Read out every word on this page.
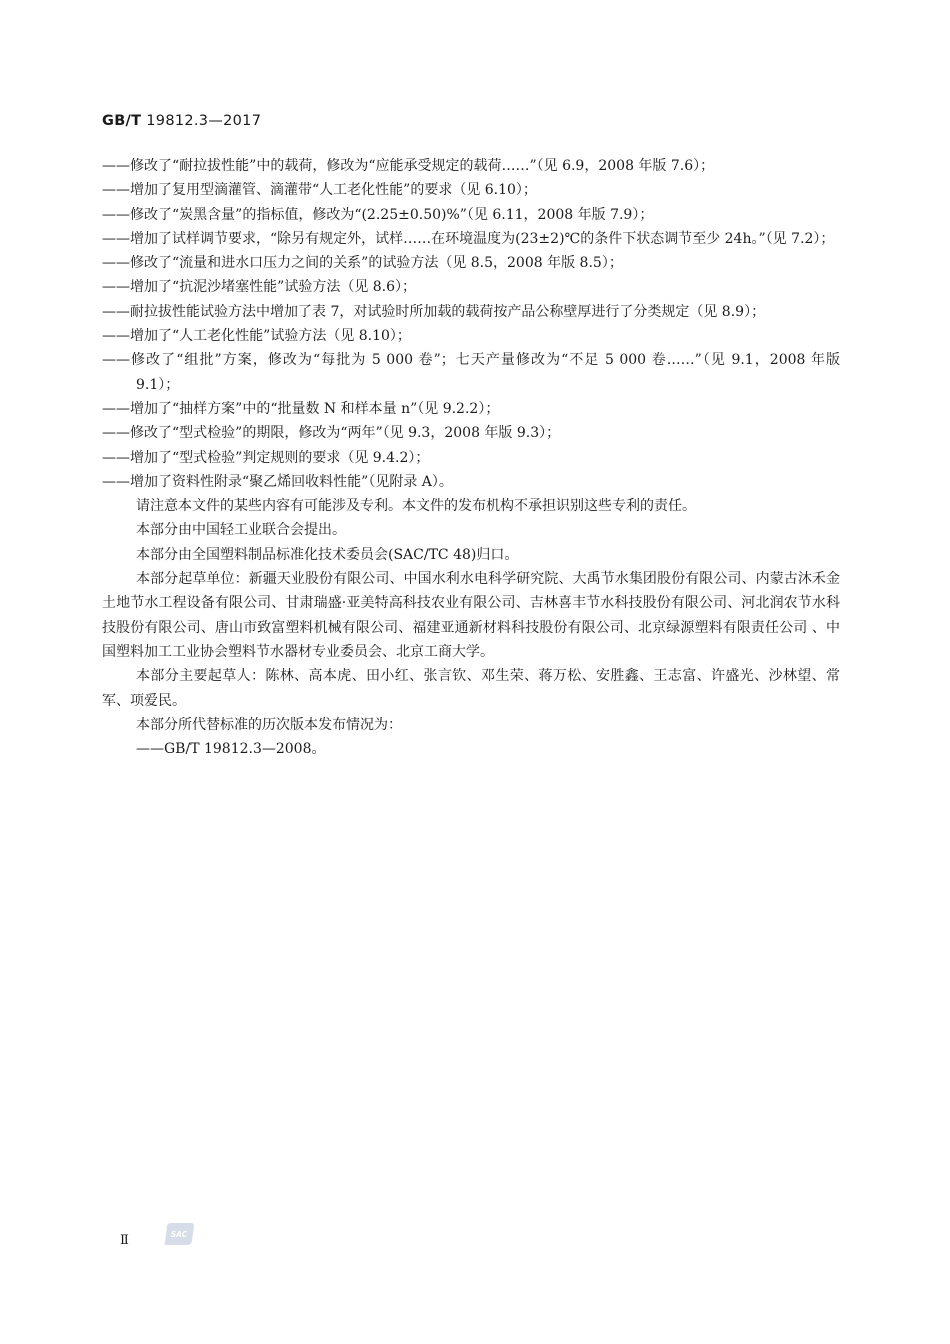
GB/T 19812.3—2017
——修改了“耐拉拔性能”中的载荷，修改为“应能承受规定的载荷……”（见 6.9，2008 年版 7.6）；
——增加了复用型滴灌管、滴灌带“人工老化性能”的要求（见 6.10）；
——修改了“炭黑含量”的指标值，修改为“(2.25±0.50)%”（见 6.11，2008 年版 7.9）；
——增加了试样调节要求，“除另有规定外，试样……在环境温度为(23±2)℃的条件下状态调节至少 24h。”（见 7.2）；
——修改了“流量和进水口压力之间的关系”的试验方法（见 8.5，2008 年版 8.5）；
——增加了“抗泥沙堵塞性能”试验方法（见 8.6）；
——耐拉拔性能试验方法中增加了表 7，对试验时所加载的载荷按产品公称壁厚进行了分类规定（见 8.9）；
——增加了“人工老化性能”试验方法（见 8.10）；
——修改了“组批”方案，修改为“每批为 5 000 卷”；七天产量修改为“不足 5 000 卷……”（见 9.1，2008 年版 9.1）；
——增加了“抽样方案”中的“批量数 N 和样本量 n”（见 9.2.2）；
——修改了“型式检验”的期限，修改为“两年”（见 9.3，2008 年版 9.3）；
——增加了“型式检验”判定规则的要求（见 9.4.2）；
——增加了资料性附录“聚乙烯回收料性能”（见附录 A）。
请注意本文件的某些内容有可能涉及专利。本文件的发布机构不承担识别这些专利的责任。
本部分由中国轻工业联合会提出。
本部分由全国塑料制品标准化技术委员会(SAC/TC 48)归口。
本部分起草单位：新疆天业股份有限公司、中国水利水电科学研究院、大禹节水集团股份有限公司、内蒙古沐禾金土地节水工程设备有限公司、甘肃瑞盛·亚美特高科技农业有限公司、吉林喜丰节水科技股份有限公司、河北润农节水科技股份有限公司、唐山市致富塑料机械有限公司、福建亚通新材料科技股份有限公司、北京绿源塑料有限责任公司 、中国塑料加工工业协会塑料节水器材专业委员会、北京工商大学。
本部分主要起草人：陈林、高本虎、田小红、张言钦、邓生荣、蒋万松、安胜鑫、王志富、许盛光、沙林望、常军、项爱民。
本部分所代替标准的历次版本发布情况为：
——GB/T 19812.3—2008。
Ⅱ	SAC
